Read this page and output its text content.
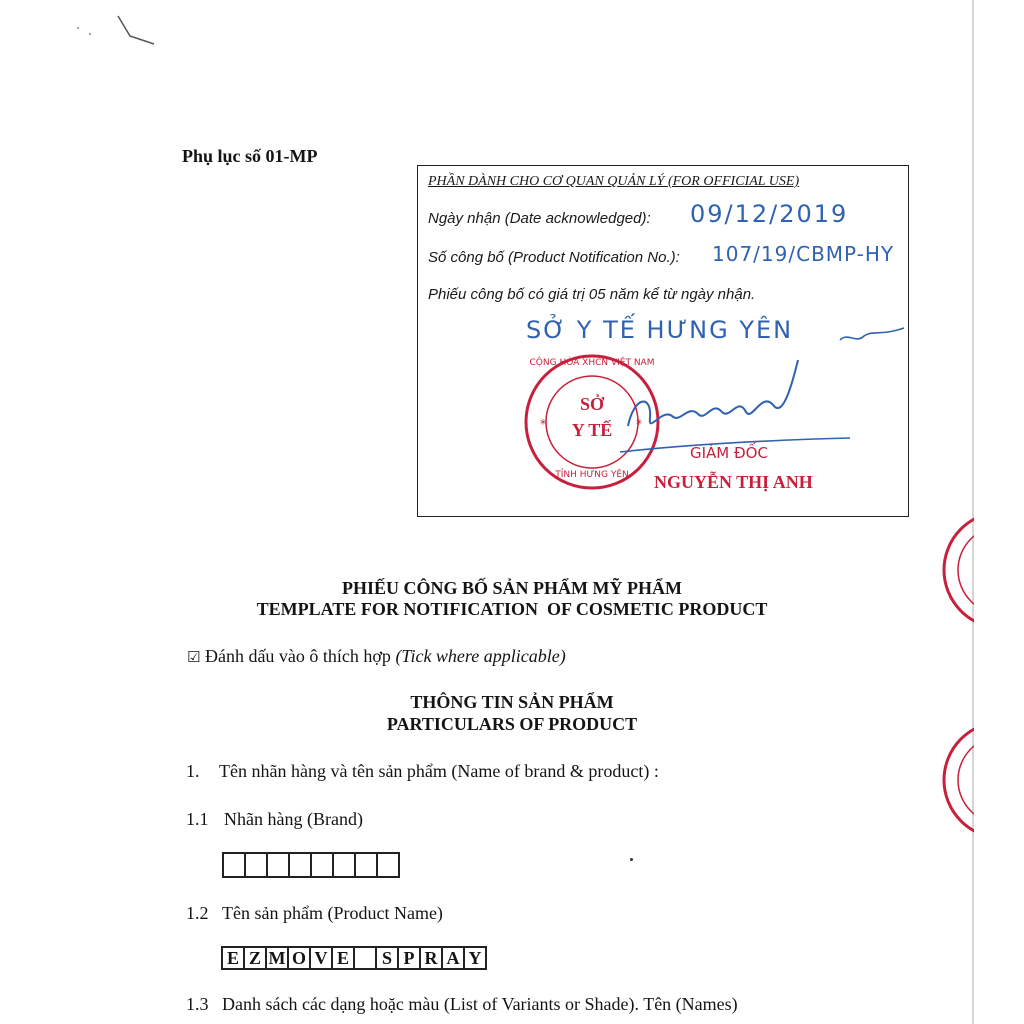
Phụ lục số 01-MP
PHẦN DÀNH CHO CƠ QUAN QUẢN LÝ (FOR OFFICIAL USE)
Ngày nhận (Date acknowledged): 09/12/2019
Số công bố (Product Notification No.): 107/19/CBMP-HY
Phiếu công bố có giá trị 05 năm kể từ ngày nhận.
SỞ Y TẾ HƯNG YÊN
*	*
CỘNG HÒA XHCN VIỆT NAM
TỈNH HƯNG YÊN
SỞ
Y TẾ
GIÁM ĐỐC
NGUYỄN THỊ ANH
PHIẾU CÔNG BỐ SẢN PHẨM MỸ PHẨM
TEMPLATE FOR NOTIFICATION  OF COSMETIC PRODUCT
☑ Đánh dấu vào ô thích hợp (Tick where applicable)
THÔNG TIN SẢN PHẨM
PARTICULARS OF PRODUCT
1. Tên nhãn hàng và tên sản phẩm (Name of brand & product) :
1.1 Nhãn hàng (Brand)
1.2 Tên sản phẩm (Product Name)
E Z M O V E	S P R A Y
1.3 Danh sách các dạng hoặc màu (List of Variants or Shade). Tên (Names)
